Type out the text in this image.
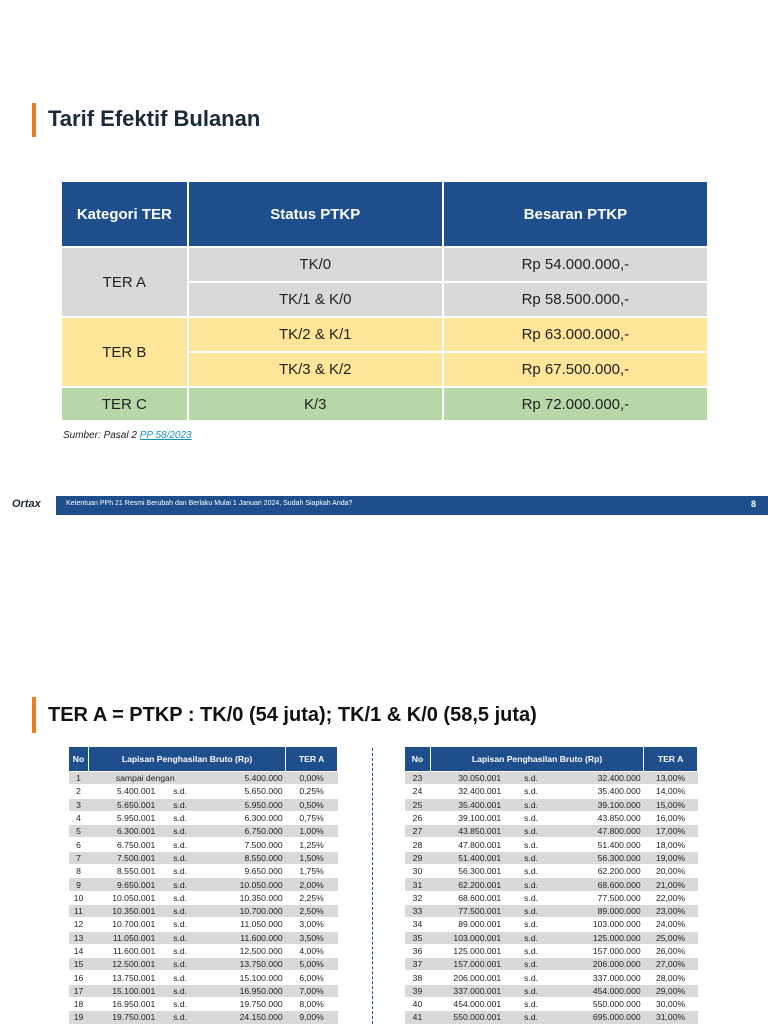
Tarif Efektif Bulanan
Kategori TER	Status PTKP	Besaran PTKP
TER A	TK/0	Rp 54.000.000,-
	TK/1 & K/0	Rp 58.500.000,-
TER B	TK/2 & K/1	Rp 63.000.000,-
	TK/3 & K/2	Rp 67.500.000,-
TER C	K/3	Rp 72.000.000,-
Sumber: Pasal 2 PP 58/2023
Ortax	Ketentuan PPh 21 Resmi Berubah dan Berlaku Mulai 1 Januari 2024, Sudah Siapkah Anda?	8
TER A = PTKP : TK/0 (54 juta); TK/1 & K/0 (58,5 juta)
No	Lapisan Penghasilan Bruto (Rp)			TER A
1	sampai dengan		5.400.000	0,00%
2	5.400.001	s.d.	5.650.000	0,25%
3	5.650.001	s.d.	5.950.000	0,50%
4	5.950.001	s.d.	6.300.000	0,75%
5	6.300.001	s.d.	6.750.000	1,00%
6	6.750.001	s.d.	7.500.000	1,25%
7	7.500.001	s.d.	8.550.000	1,50%
8	8.550.001	s.d.	9.650.000	1,75%
9	9.650.001	s.d.	10.050.000	2,00%
10	10.050.001	s.d.	10.350.000	2,25%
11	10.350.001	s.d.	10.700.000	2,50%
12	10.700.001	s.d.	11.050.000	3,00%
13	11.050.001	s.d.	11.600.000	3,50%
14	11.600.001	s.d.	12.500.000	4,00%
15	12.500.001	s.d.	13.750.000	5,00%
16	13.750.001	s.d.	15.100.000	6,00%
17	15.100.001	s.d.	16.950.000	7,00%
18	16.950.001	s.d.	19.750.000	8,00%
19	19.750.001	s.d.	24.150.000	9,00%
No	Lapisan Penghasilan Bruto (Rp)			TER A
23	30.050.001	s.d.	32.400.000	13,00%
24	32.400.001	s.d.	35.400.000	14,00%
25	35.400.001	s.d.	39.100.000	15,00%
26	39.100.001	s.d.	43.850.000	16,00%
27	43.850.001	s.d.	47.800.000	17,00%
28	47.800.001	s.d.	51.400.000	18,00%
29	51.400.001	s.d.	56.300.000	19,00%
30	56.300.001	s.d.	62.200.000	20,00%
31	62.200.001	s.d.	68.600.000	21,00%
32	68.600.001	s.d.	77.500.000	22,00%
33	77.500.001	s.d.	89.000.000	23,00%
34	89.000.001	s.d.	103.000.000	24,00%
35	103.000.001	s.d.	125.000.000	25,00%
36	125.000.001	s.d.	157.000.000	26,00%
37	157.000.001	s.d.	206.000.000	27,00%
38	206.000.001	s.d.	337.000.000	28,00%
39	337.000.001	s.d.	454.000.000	29,00%
40	454.000.001	s.d.	550.000.000	30,00%
41	550.000.001	s.d.	695.000.000	31,00%
